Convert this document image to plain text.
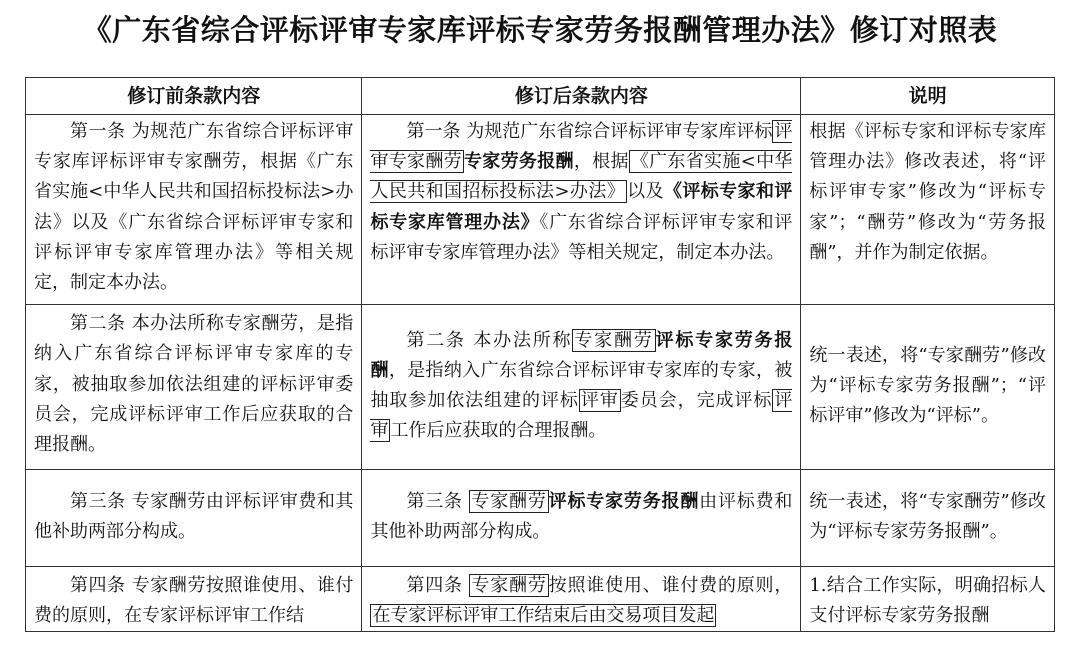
《广东省综合评标评审专家库评标专家劳务报酬管理办法》修订对照表
修订前条款内容	修订后条款内容	说明
第一条 为规范广东省综合评标评审专家库评标评审专家酬劳，根据《广东省实施<中华人民共和国招标投标法>办法》以及《广东省综合评标评审专家和评标评审专家库管理办法》等相关规定，制定本办法。	第一条 为规范广东省综合评标评审专家库评标 评审专家酬劳 专家劳务报酬，根据 《广东省实施<中华人民共和国招标投标法>办法》 以及《评标专家和评标专家库管理办法》《广东省综合评标评审专家和评标评审专家库管理办法》等相关规定，制定本办法。	根据《评标专家和评标专家库管理办法》修改表述，将“评标评审专家”修改为“评标专家”；“酬劳”修改为“劳务报酬”，并作为制定依据。
第二条 本办法所称专家酬劳，是指纳入广东省综合评标评审专家库的专家，被抽取参加依法组建的评标评审委员会，完成评标评审工作后应获取的合理报酬。	第二条 本办法所称 专家酬劳 评标专家劳务报酬，是指纳入广东省综合评标评审专家库的专家，被抽取参加依法组建的评标 评审 委员会，完成评标 评审 工作后应获取的合理报酬。	统一表述，将“专家酬劳”修改为“评标专家劳务报酬”；“评标评审”修改为“评标”。
第三条 专家酬劳由评标评审费和其他补助两部分构成。	第三条 专家酬劳 评标专家劳务报酬由评标费和其他补助两部分构成。	统一表述，将“专家酬劳”修改为“评标专家劳务报酬”。

第四条 专家酬劳按照谁使用、谁付费的原则，在专家评标评审工作结	第四条 专家酬劳 按照谁使用、谁付费的原则，在专家评标评审工作结束后由交易项目发起	1.结合工作实际，明确招标人支付评标专家劳务报酬
